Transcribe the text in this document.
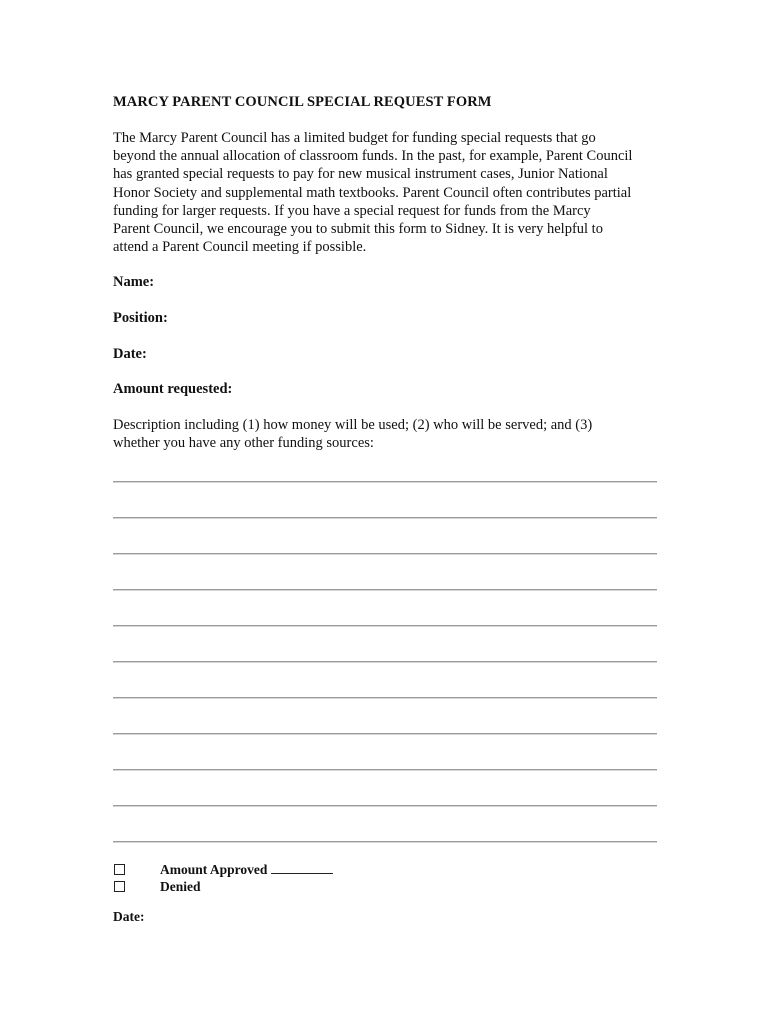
MARCY PARENT COUNCIL SPECIAL REQUEST FORM

The Marcy Parent Council has a limited budget for funding special requests that go
beyond the annual allocation of classroom funds. In the past, for example, Parent Council
has granted special requests to pay for new musical instrument cases, Junior National
Honor Society and supplemental math textbooks. Parent Council often contributes partial
funding for larger requests. If you have a special request for funds from the Marcy
Parent Council, we encourage you to submit this form to Sidney. It is very helpful to
attend a Parent Council meeting if possible.

Name:

Position:

Date:

Amount requested:

Description including (1) how money will be used; (2) who will be served; and (3)
whether you have any other funding sources:

Amount Approved
Denied
Date:
